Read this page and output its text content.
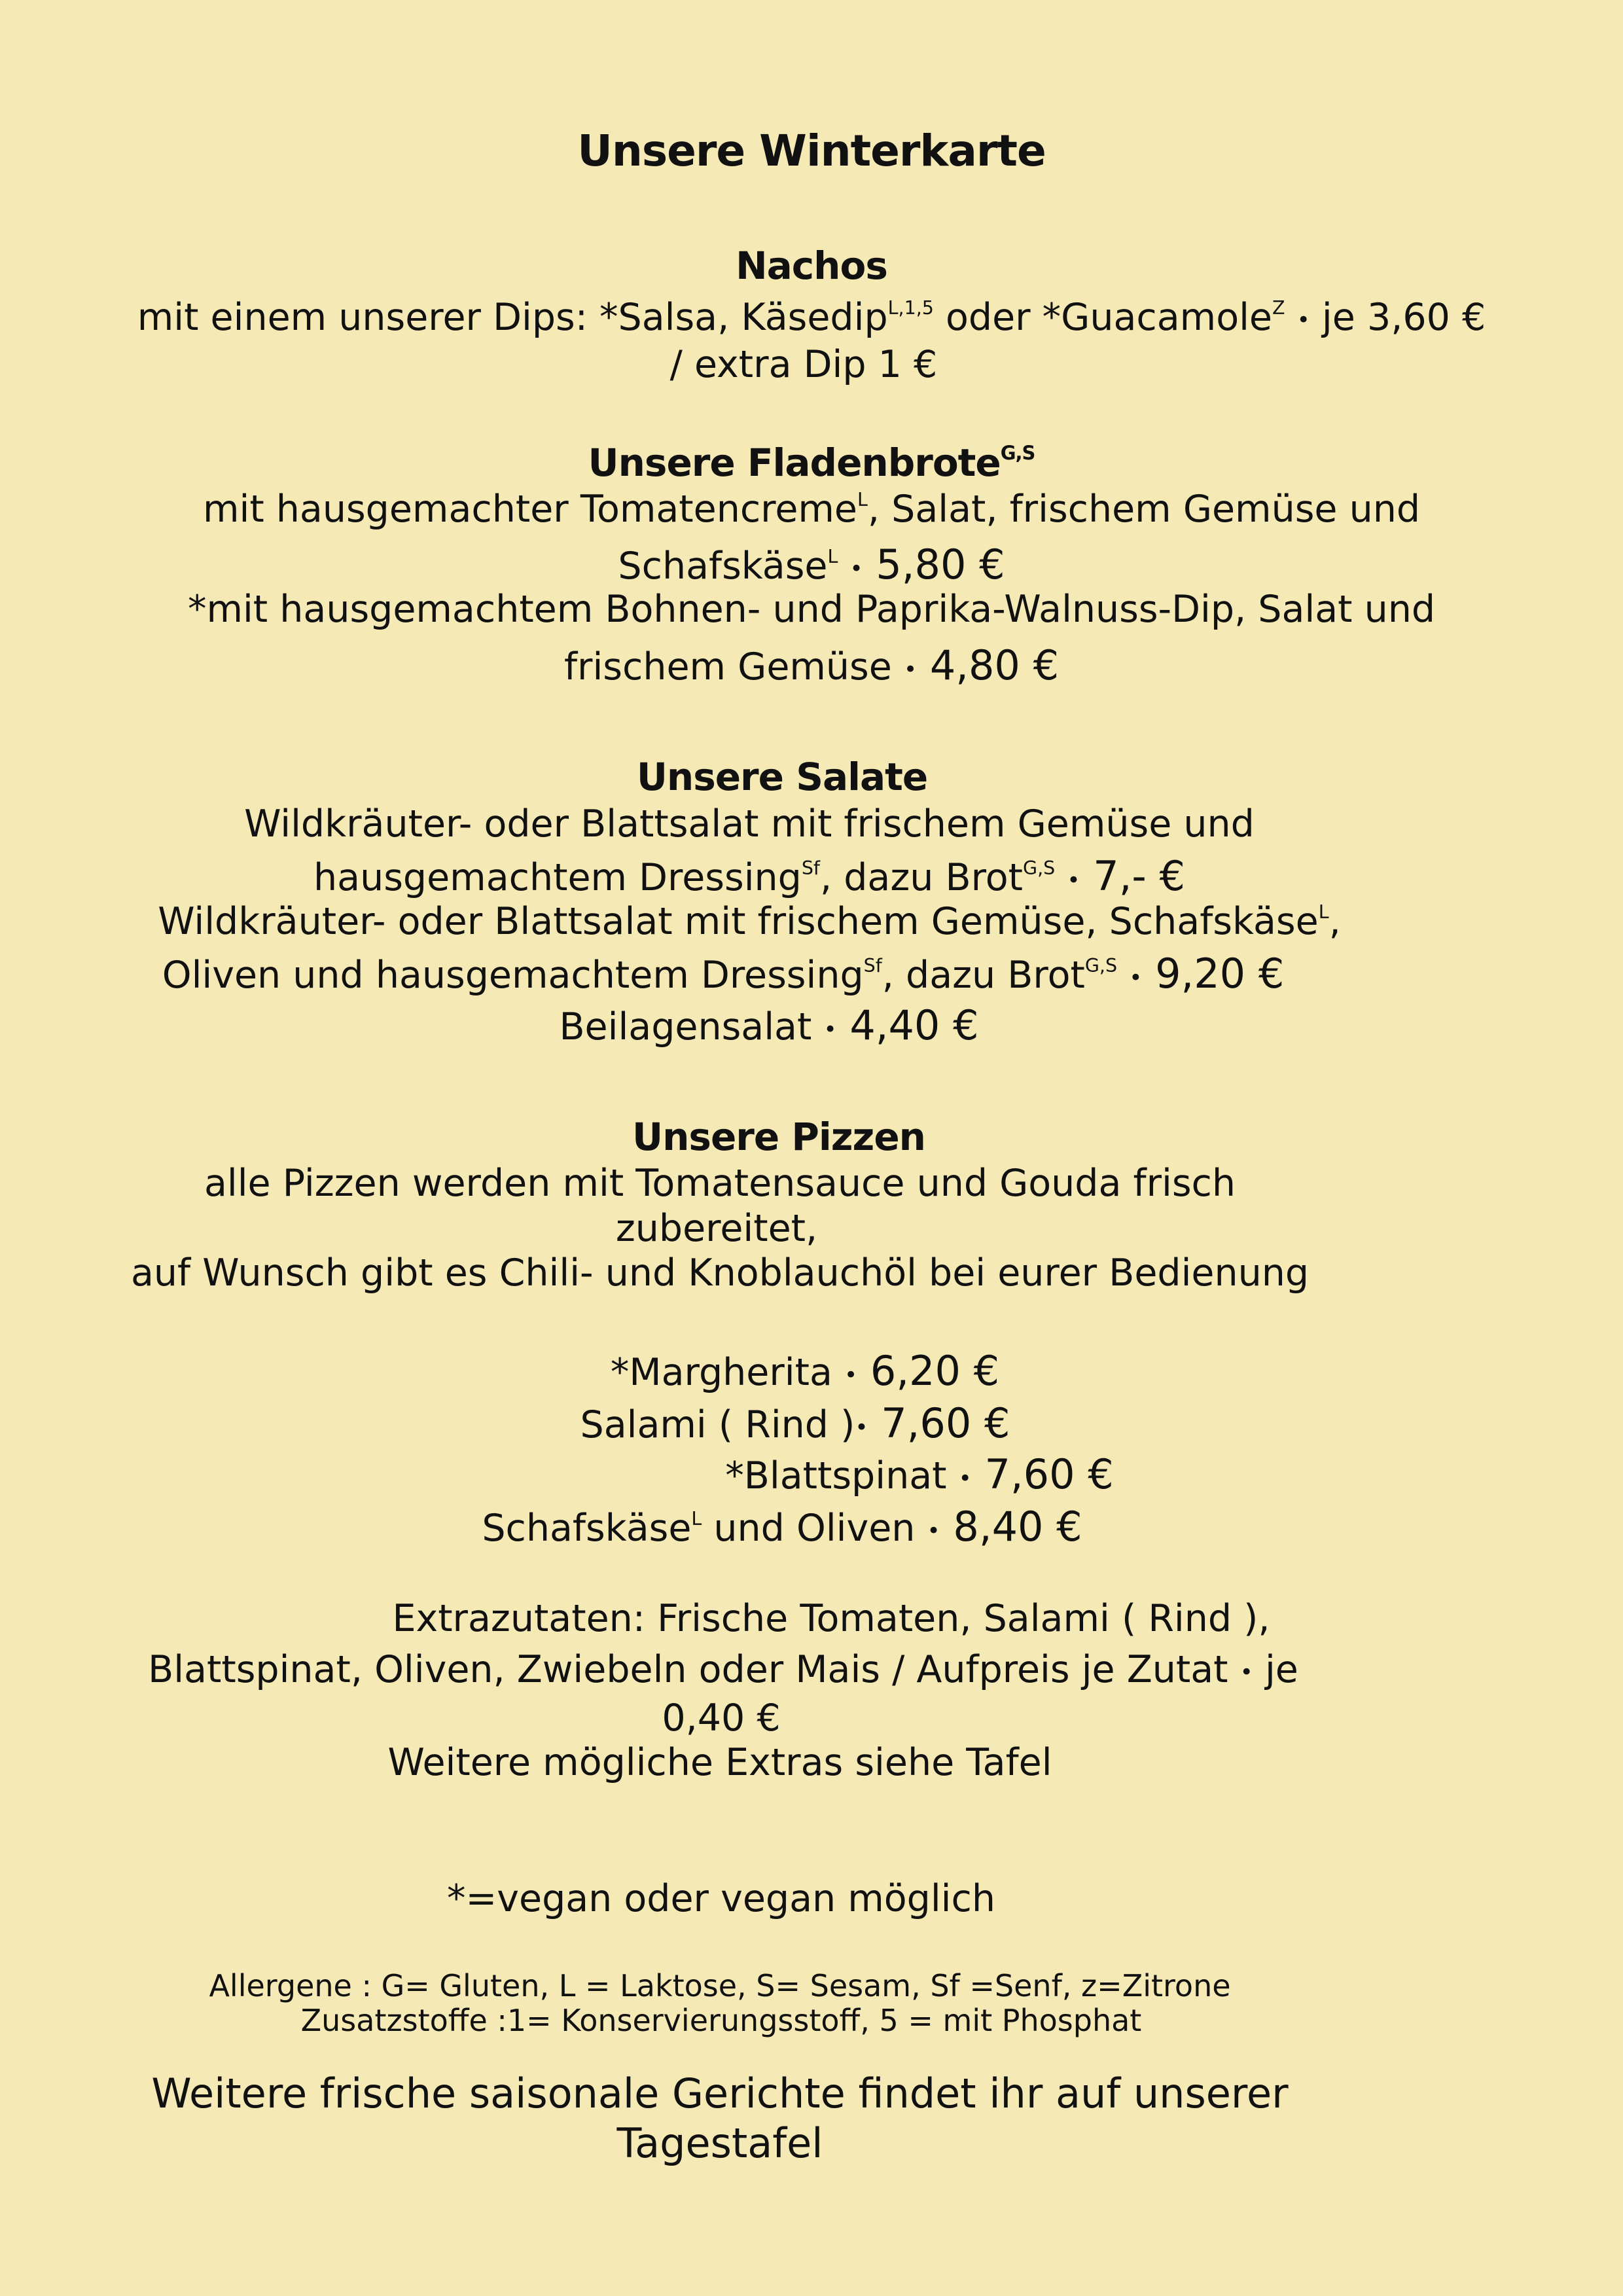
Unsere Winterkarte
Nachos
mit einem unserer Dips: *Salsa, Käsedip$^{L,1,5}$ oder *Guacamole$^Z$ • je 3,60 €
/ extra Dip 1 €
Unsere Fladenbrote$^{G,S}$
mit hausgemachter Tomatencreme$^L$, Salat, frischem Gemüse und
Schafskäse$^L$ • 5,80 €
*mit hausgemachtem Bohnen- und Paprika-Walnuss-Dip, Salat und
frischem Gemüse • 4,80 €
Unsere Salate
Wildkräuter- oder Blattsalat mit frischem Gemüse und
hausgemachtem Dressing$^{Sf}$, dazu Brot$^{G,S}$ • 7,- €
Wildkräuter- oder Blattsalat mit frischem Gemüse, Schafskäse$^L$,
Oliven und hausgemachtem Dressing$^{Sf}$, dazu Brot$^{G,S}$ • 9,20 €
Beilagensalat • 4,40 €
Unsere Pizzen
alle Pizzen werden mit Tomatensauce und Gouda frisch
zubereitet,
auf Wunsch gibt es Chili- und Knoblauchöl bei eurer Bedienung
*Margherita • 6,20 €
Salami ( Rind )• 7,60 €
*Blattspinat • 7,60 €
Schafskäse$^L$ und Oliven • 8,40 €
Extrazutaten: Frische Tomaten, Salami ( Rind ),
Blattspinat, Oliven, Zwiebeln oder Mais / Aufpreis je Zutat • je
0,40 €
Weitere mögliche Extras siehe Tafel
*=vegan oder vegan möglich
Allergene : G= Gluten, L = Laktose, S= Sesam, Sf =Senf, z=Zitrone
Zusatzstoffe :1= Konservierungsstoff, 5 = mit Phosphat
Weitere frische saisonale Gerichte findet ihr auf unserer
Tagestafel
